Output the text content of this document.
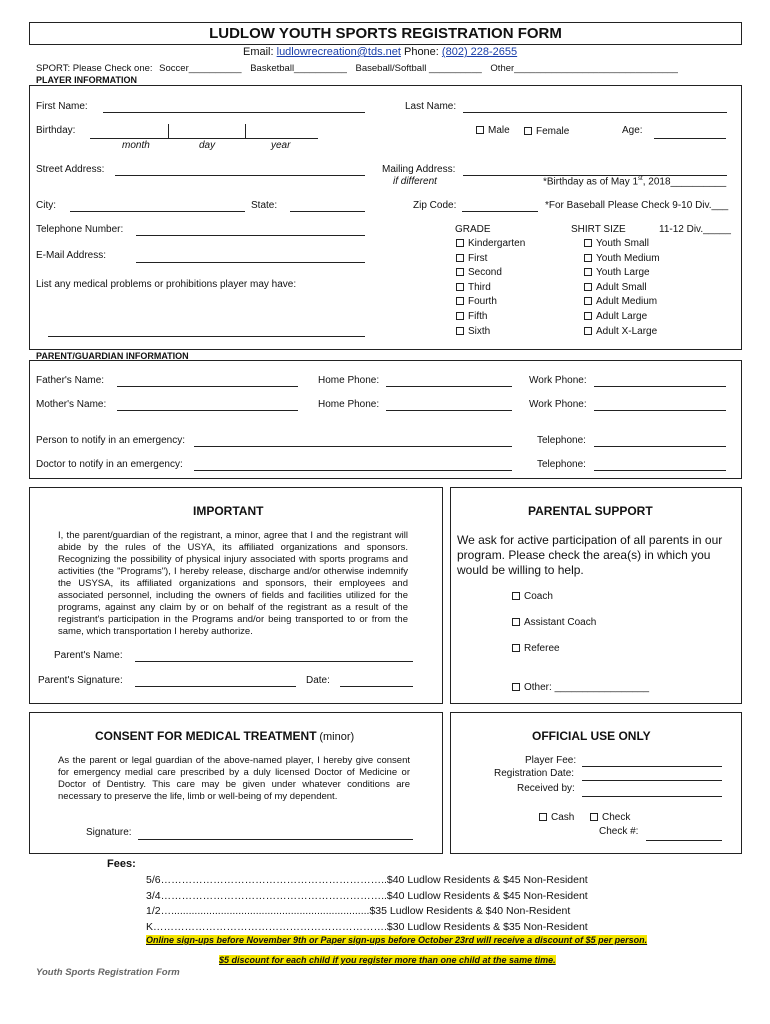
LUDLOW YOUTH SPORTS REGISTRATION FORM
Email: ludlowrecreation@tds.net Phone: (802) 228-2655
SPORT: Please Check one: Soccer__________ Basketball__________ Baseball/Softball __________ Other_______________________________
PLAYER INFORMATION
First Name:	Last Name:
Birthday:
month	day	year
Male	Female	Age:
Street Address:	Mailing Address:
if different	*Birthday as of May 1st, 2018__________
City:	State:	Zip Code:	*For Baseball Please Check 9-10 Div.___
Telephone Number:
E-Mail Address:
List any medical problems or prohibitions player may have:
GRADE
Kindergarten
First
Second
Third
Fourth
Fifth
Sixth
SHIRT SIZE	11-12 Div._____
Youth Small
Youth Medium
Youth Large
Adult Small
Adult Medium
Adult Large
Adult X-Large
PARENT/GUARDIAN INFORMATION
Father's Name:	Home Phone:	Work Phone:
Mother's Name:	Home Phone:	Work Phone:
Person to notify in an emergency:	Telephone:
Doctor to notify in an emergency:	Telephone:
IMPORTANT
I, the parent/guardian of the registrant, a minor, agree that I and the registrant will abide by the rules of the USYA, its affiliated organizations and sponsors. Recognizing the possibility of physical injury associated with sports programs and activities (the "Programs"), I hereby release, discharge and/or otherwise indemnify the USYSA, its affiliated organizations and sponsors, their employees and associated personnel, including the owners of fields and facilities utilized for the programs, against any claim by or on behalf of the registrant as a result of the registrant's participation in the Programs and/or being transported to or from the same, which transportation I hereby authorize.
Parent's Name:
Parent's Signature:	Date:
PARENTAL SUPPORT
We ask for active participation of all parents in our program. Please check the area(s) in which you would be willing to help.
Coach
Assistant Coach
Referee
Other: _________________
CONSENT FOR MEDICAL TREATMENT (minor)
As the parent or legal guardian of the above-named player, I hereby give consent for emergency medial care prescribed by a duly licensed Doctor of Medicine or Doctor of Dentistry. This care may be given under whatever conditions are necessary to preserve the life, limb or well-being of my dependent.
Signature:
OFFICIAL USE ONLY
Player Fee:
Registration Date:
Received by:
Cash	Check
Check #:
Fees:
5/6………………………………………………………..$40 Ludlow Residents & $45 Non-Resident
3/4………………………………………………………..$40 Ludlow Residents & $45 Non-Resident
1/2…....................................................................$35 Ludlow Residents & $40 Non-Resident
K………………………………………………………….$30 Ludlow Residents & $35 Non-Resident
Online sign-ups before November 9th or Paper sign-ups before October 23rd will receive a discount of $5 per person.
$5 discount for each child if you register more than one child at the same time.
Youth Sports Registration Form
